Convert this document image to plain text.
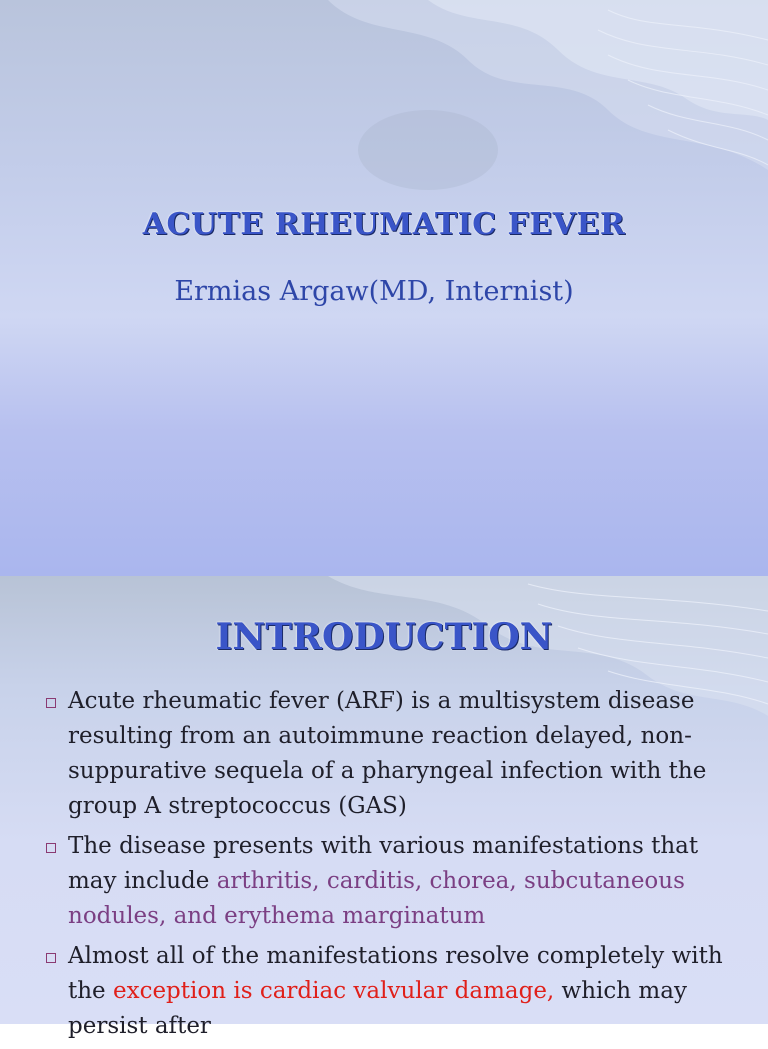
ACUTE RHEUMATIC FEVER

Ermias Argaw(MD, Internist)

INTRODUCTION
Acute rheumatic fever (ARF) is a multisystem disease resulting from an autoimmune reaction delayed, non-suppurative sequela of a pharyngeal infection with the group A streptococcus (GAS)
The disease presents with various manifestations that may include arthritis, carditis, chorea, subcutaneous nodules, and erythema marginatum
Almost all of the manifestations resolve completely with the exception is cardiac valvular damage, which may persist after
